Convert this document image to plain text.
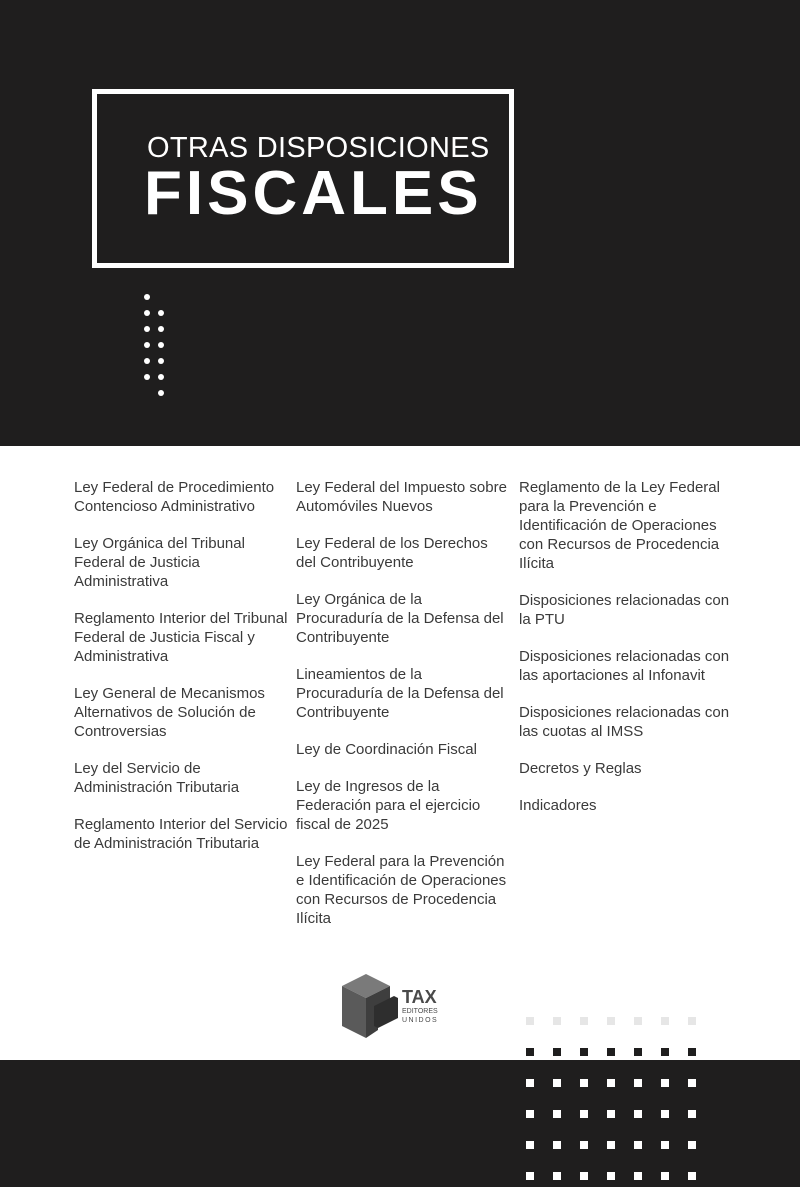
OTRAS DISPOSICIONES
FISCALES

Ley Federal de Procedimiento Contencioso Administrativo

Ley Orgánica del Tribunal Federal de Justicia Administrativa

Reglamento Interior del Tribunal Federal de Justicia Fiscal y Administrativa

Ley General de Mecanismos Alternativos de Solución de Controversias

Ley del Servicio de Administración Tributaria

Reglamento Interior del Servicio de Administración Tributaria

Ley Federal del Impuesto sobre Automóviles Nuevos

Ley Federal de los Derechos del Contribuyente

Ley Orgánica de la Procuraduría de la Defensa del Contribuyente

Lineamientos de la Procuraduría de la Defensa del Contribuyente

Ley de Coordinación Fiscal

Ley de Ingresos de la Federación para el ejercicio fiscal de 2025

Ley Federal para la Prevención e Identificación de Operaciones con Recursos de Procedencia Ilícita

Reglamento de la Ley Federal para la Prevención e Identificación de Operaciones con Recursos de Procedencia Ilícita

Disposiciones relacionadas con la PTU

Disposiciones relacionadas con las aportaciones al Infonavit

Disposiciones relacionadas con las cuotas al IMSS

Decretos y Reglas

Indicadores

TAX
EDITORES
UNIDOS
